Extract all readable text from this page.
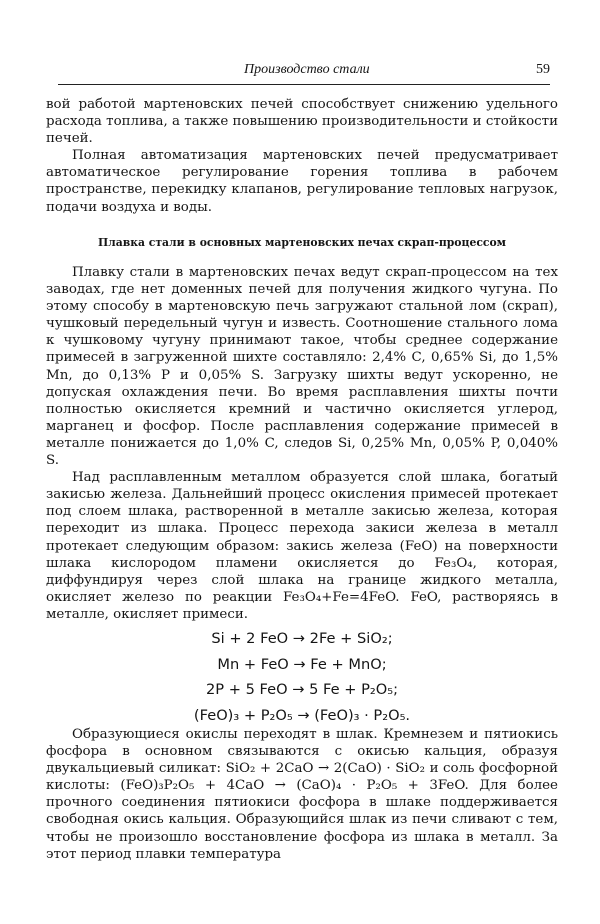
Производство стали	59

вой работой мартеновских печей способствует снижению удельного расхода топлива, а также повышению производительности и стойкости печей.

Полная автоматизация мартеновских печей предусматривает автоматическое регулирование горения топлива в рабочем пространстве, перекидку клапанов, регулирование тепловых нагрузок, подачи воздуха и воды.

Плавка стали в основных мартеновских печах скрап-процессом

Плавку стали в мартеновских печах ведут скрап-процессом на тех заводах, где нет доменных печей для получения жидкого чугуна. По этому способу в мартеновскую печь загружают стальной лом (скрап), чушковый передельный чугун и известь. Соотношение стального лома к чушковому чугуну принимают такое, чтобы среднее содержание примесей в загруженной шихте составляло: 2,4% C, 0,65% Si, до 1,5% Mn, до 0,13% P и 0,05% S. Загрузку шихты ведут ускоренно, не допуская охлаждения печи. Во время расплавления шихты почти полностью окисляется кремний и частично окисляется углерод, марганец и фосфор. После расплавления содержание примесей в металле понижается до 1,0% C, следов Si, 0,25% Mn, 0,05% P, 0,040% S.

Над расплавленным металлом образуется слой шлака, богатый закисью железа. Дальнейший процесс окисления примесей протекает под слоем шлака, растворенной в металле закисью железа, которая переходит из шлака. Процесс перехода закиси железа в металл протекает следующим образом: закись железа (FeO) на поверхности шлака кислородом пламени окисляется до Fe₃O₄, которая, диффундируя через слой шлака на границе жидкого металла, окисляет железо по реакции Fe₃O₄+Fe=4FeO. FeO, растворяясь в металле, окисляет примеси.

Si + 2 FeO → 2Fe + SiO₂;
Mn + FeO → Fe + MnO;
2P + 5 FeO → 5 Fe + P₂O₅;
(FeO)₃ + P₂O₅ → (FeO)₃ · P₂O₅.

Образующиеся окислы переходят в шлак. Кремнезем и пятиокись фосфора в основном связываются с окисью кальция, образуя двукальциевый силикат: SiO₂ + 2CaO → 2(CaO) · SiO₂ и соль фосфорной кислоты: (FeO)₃P₂O₅ + 4CaO → (CaO)₄ · P₂O₅ + 3FeO. Для более прочного соединения пятиокиси фосфора в шлаке поддерживается свободная окись кальция. Образующийся шлак из печи сливают с тем, чтобы не произошло восстановление фосфора из шлака в металл. За этот период плавки температура
